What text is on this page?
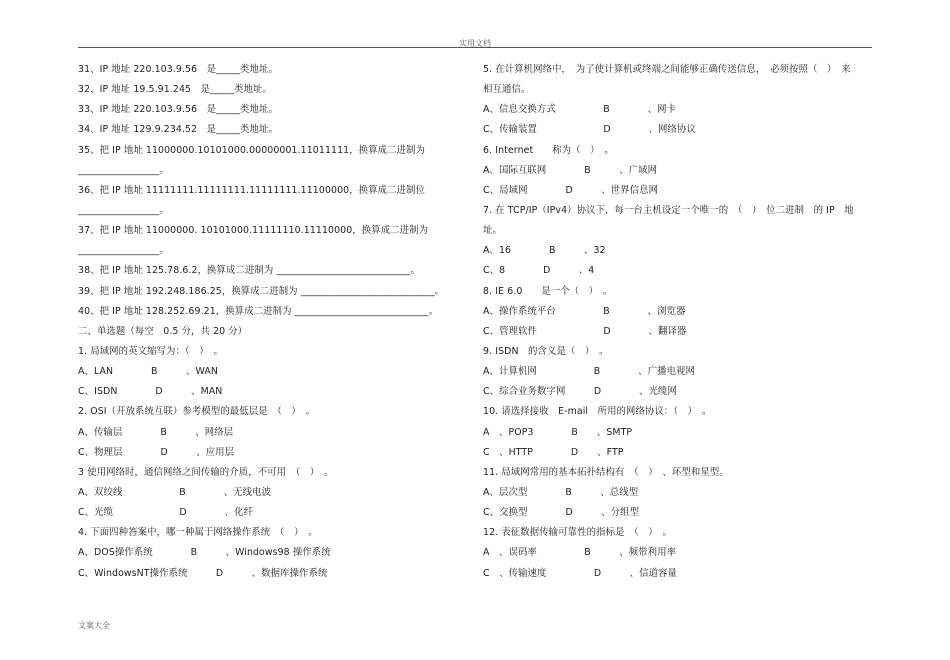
实用文档
31、IP 地址 220.103.9.56　是_____类地址。
32、IP 地址 19.5.91.245　是_____类地址。
33、IP 地址 220.103.9.56　是_____类地址。
34、IP 地址 129.9.234.52　是_____类地址。
35、把 IP 地址 11000000.10101000.00000001.11011111，换算成二进制为
_________________。
36、把 IP 地址 11111111.11111111.11111111.11100000，换算成二进制位
_________________。
37、把 IP 地址 11000000. 10101000.11111110.11110000，换算成二进制为
_________________。
38、把 IP 地址 125.78.6.2，换算成二进制为 ____________________________。
39、把 IP 地址 192.248.186.25，换算成二进制为 ____________________________。
40、把 IP 地址 128.252.69.21，换算成二进制为 ____________________________。
二、单选题（每空　0.5 分，共 20 分）
1. 局域网的英文缩写为：（　）　。
A、LAN　　　　B　　　、WAN
C、ISDN　　　　D　　　、MAN
2. OSI（开放系统互联）参考模型的最低层是　（　）　。
A、传输层　　　　B　　　、网络层
C、物理层　　　　D　　　、应用层
3 使用网络时，通信网络之间传输的介质，不可用　（　）　。
A、双绞线　　　　　　B　　　　、无线电波
C、光缆　　　　　　　D　　　　、化纤
4. 下面四种答案中，哪一种属于网络操作系统　（　）　。
A、DOS操作系统　　　　B　　　、Windows98 操作系统
C、WindowsNT操作系统　　　D　　　、数据库操作系统
5. 在计算机网络中，　为了使计算机或终端之间能够正确传送信息，　必须按照（　）　来
相互通信。
A、信息交换方式　　　　　B　　　　、网卡
C、传输装置　　　　　　　D　　　　、网络协议
6. Internet　　称为（　）　。
A、国际互联网　　　　B　　　、广域网
C、局域网　　　　D　　　、世界信息网
7. 在 TCP/IP（IPv4）协议下，每一台主机设定一个唯一的　（　）　位二进制　的 IP　地
址。
A、16　　　　B　　　、32
C、8　　　　D　　　、4
8. IE 6.0　　是一个（　）　。
A、操作系统平台　　　　　B　　　　、浏览器
C、管理软件　　　　　　　D　　　　、翻译器
9. ISDN　的含义是（　）　。
A、计算机网　　　　　　B　　　　、广播电视网
C、综合业务数字网　　　D　　　　、光缆网
10. 请选择接收　E-mail　所用的网络协议：（　）　。
A　、POP3　　　　B　　、SMTP
C　、HTTP　　　　D　　、FTP
11. 局域网常用的基本拓扑结构有　（　）　、环型和星型。
A、层次型　　　　B　　　、总线型
C、交换型　　　　D　　　、分组型
12. 表征数据传输可靠性的指标是　（　）　。
A　、误码率　　　　　B　　　、频带利用率
C　、传输速度　　　　　D　　　、信道容量
文案大全
